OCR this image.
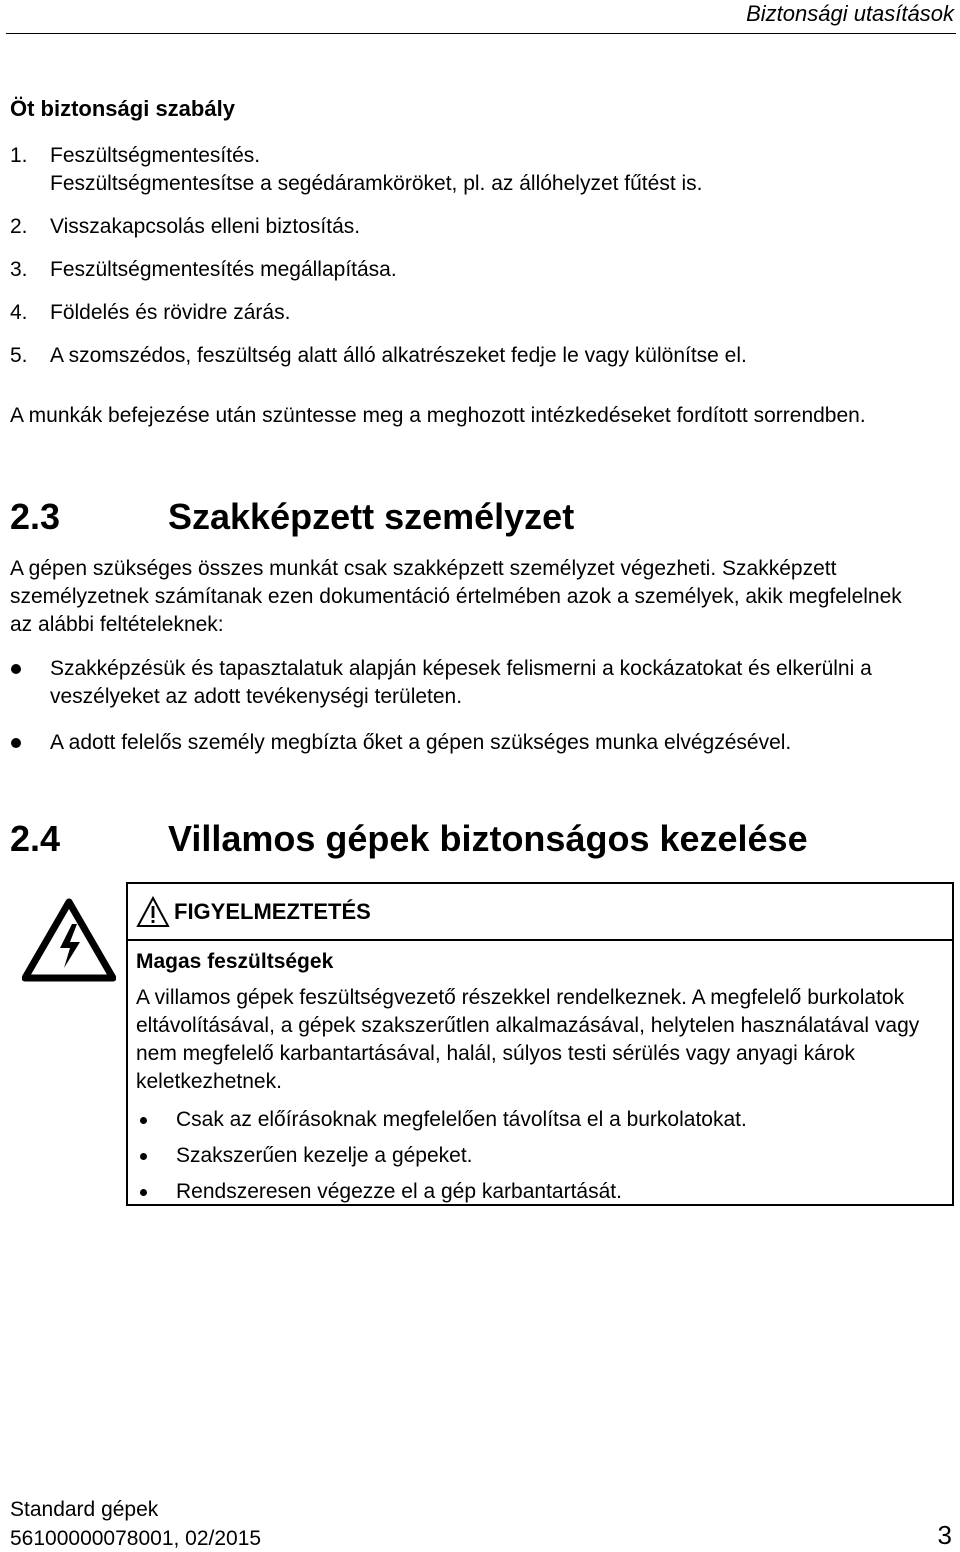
Biztonsági utasítások
Öt biztonsági szabály
1.	Feszültségmentesítés.
Feszültségmentesítse a segédáramköröket, pl. az állóhelyzet fűtést is.
2.	Visszakapcsolás elleni biztosítás.
3.	Feszültségmentesítés megállapítása.
4.	Földelés és rövidre zárás.
5.	A szomszédos, feszültség alatt álló alkatrészeket fedje le vagy különítse el.
A munkák befejezése után szüntesse meg a meghozott intézkedéseket fordított sorrendben.
2.3	Szakképzett személyzet
A gépen szükséges összes munkát csak szakképzett személyzet végezheti. Szakképzett személyzetnek számítanak ezen dokumentáció értelmében azok a személyek, akik megfelelnek az alábbi feltételeknek:
Szakképzésük és tapasztalatuk alapján képesek felismerni a kockázatokat és elkerülni a veszélyeket az adott tevékenységi területen.
A adott felelős személy megbízta őket a gépen szükséges munka elvégzésével.
2.4	Villamos gépek biztonságos kezelése
FIGYELMEZTETÉS
Magas feszültségek
A villamos gépek feszültségvezető részekkel rendelkeznek. A megfelelő burkolatok eltávolításával, a gépek szakszerűtlen alkalmazásával, helytelen használatával vagy nem megfelelő karbantartásával, halál, súlyos testi sérülés vagy anyagi károk keletkezhetnek.
Csak az előírásoknak megfelelően távolítsa el a burkolatokat.
Szakszerűen kezelje a gépeket.
Rendszeresen végezze el a gép karbantartását.
Standard gépek
56100000078001, 02/2015	3
